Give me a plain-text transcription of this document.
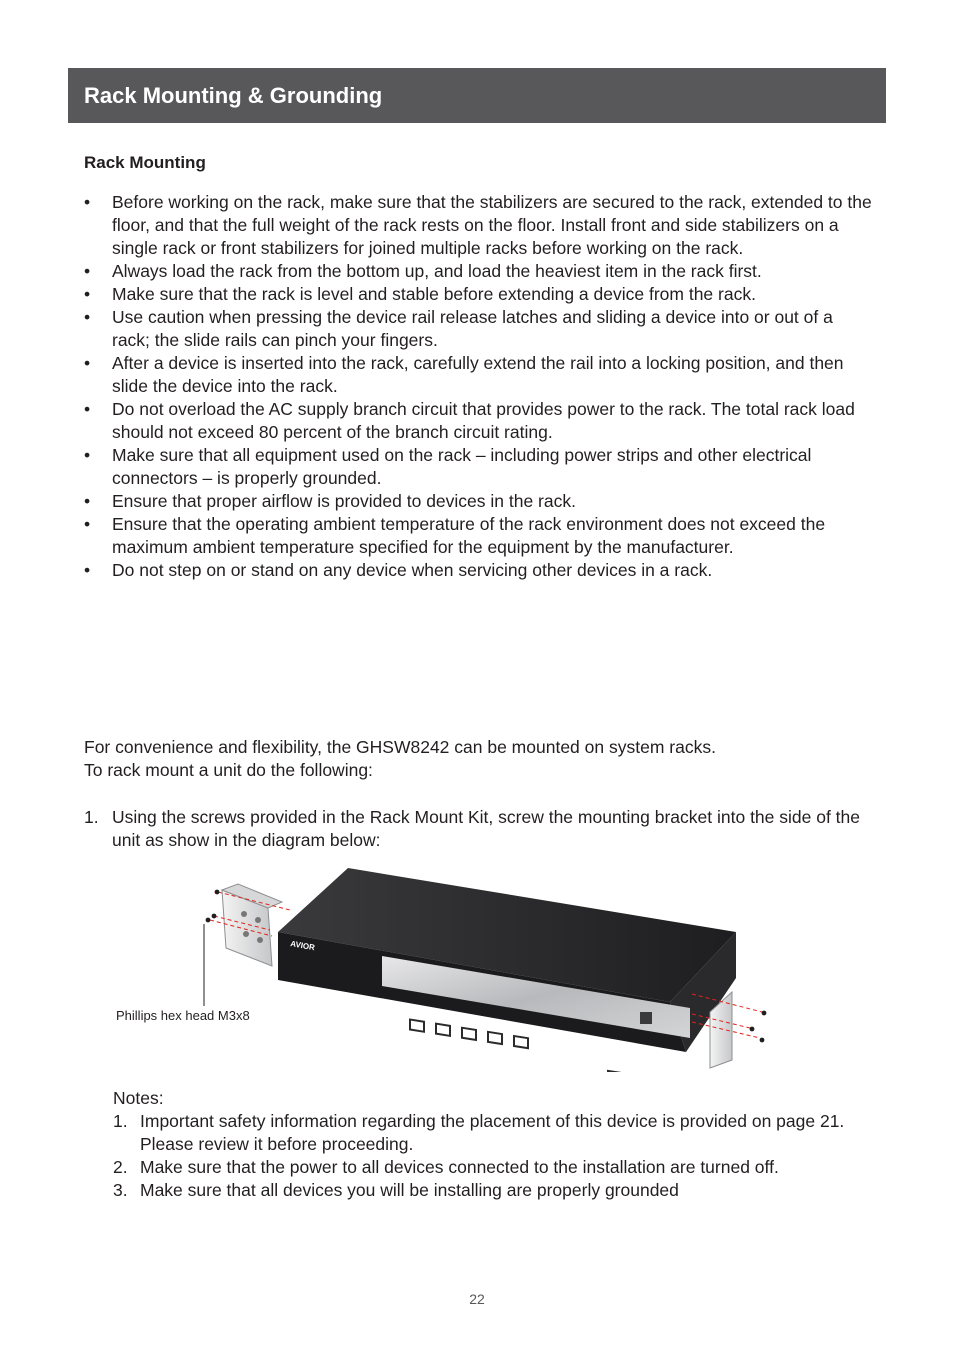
Rack Mounting & Grounding
Rack Mounting
• Before working on the rack, make sure that the stabilizers are secured to the rack, extended to the floor, and that the full weight of the rack rests on the floor. Install front and side stabilizers on a single rack or front stabilizers for joined multiple racks before working on the rack.
• Always load the rack from the bottom up, and load the heaviest item in the rack first.
• Make sure that the rack is level and stable before extending a device from the rack.
• Use caution when pressing the device rail release latches and sliding a device into or out of a rack; the slide rails can pinch your fingers.
• After a device is inserted into the rack, carefully extend the rail into a locking position, and then slide the device into the rack.
• Do not overload the AC supply branch circuit that provides power to the rack. The total rack load should not exceed 80 percent of the branch circuit rating.
• Make sure that all equipment used on the rack – including power strips and other electrical connectors – is properly grounded.
• Ensure that proper airflow is provided to devices in the rack.
• Ensure that the operating ambient temperature of the rack environment does not exceed the maximum ambient temperature specified for the equipment by the manufacturer.
• Do not step on or stand on any device when servicing other devices in a rack.

For convenience and flexibility, the GHSW8242 can be mounted on system racks.
To rack mount a unit do the following:

1. Using the screws provided in the Rack Mount Kit, screw the mounting bracket into the side of the unit as show in the diagram below:
AVIOR
Phillips hex head M3x8

Notes:

1. Important safety information regarding the placement of this device is provided on page 21. Please review it before proceeding.
2. Make sure that the power to all devices connected to the installation are turned off.
3. Make sure that all devices you will be installing are properly grounded
22
